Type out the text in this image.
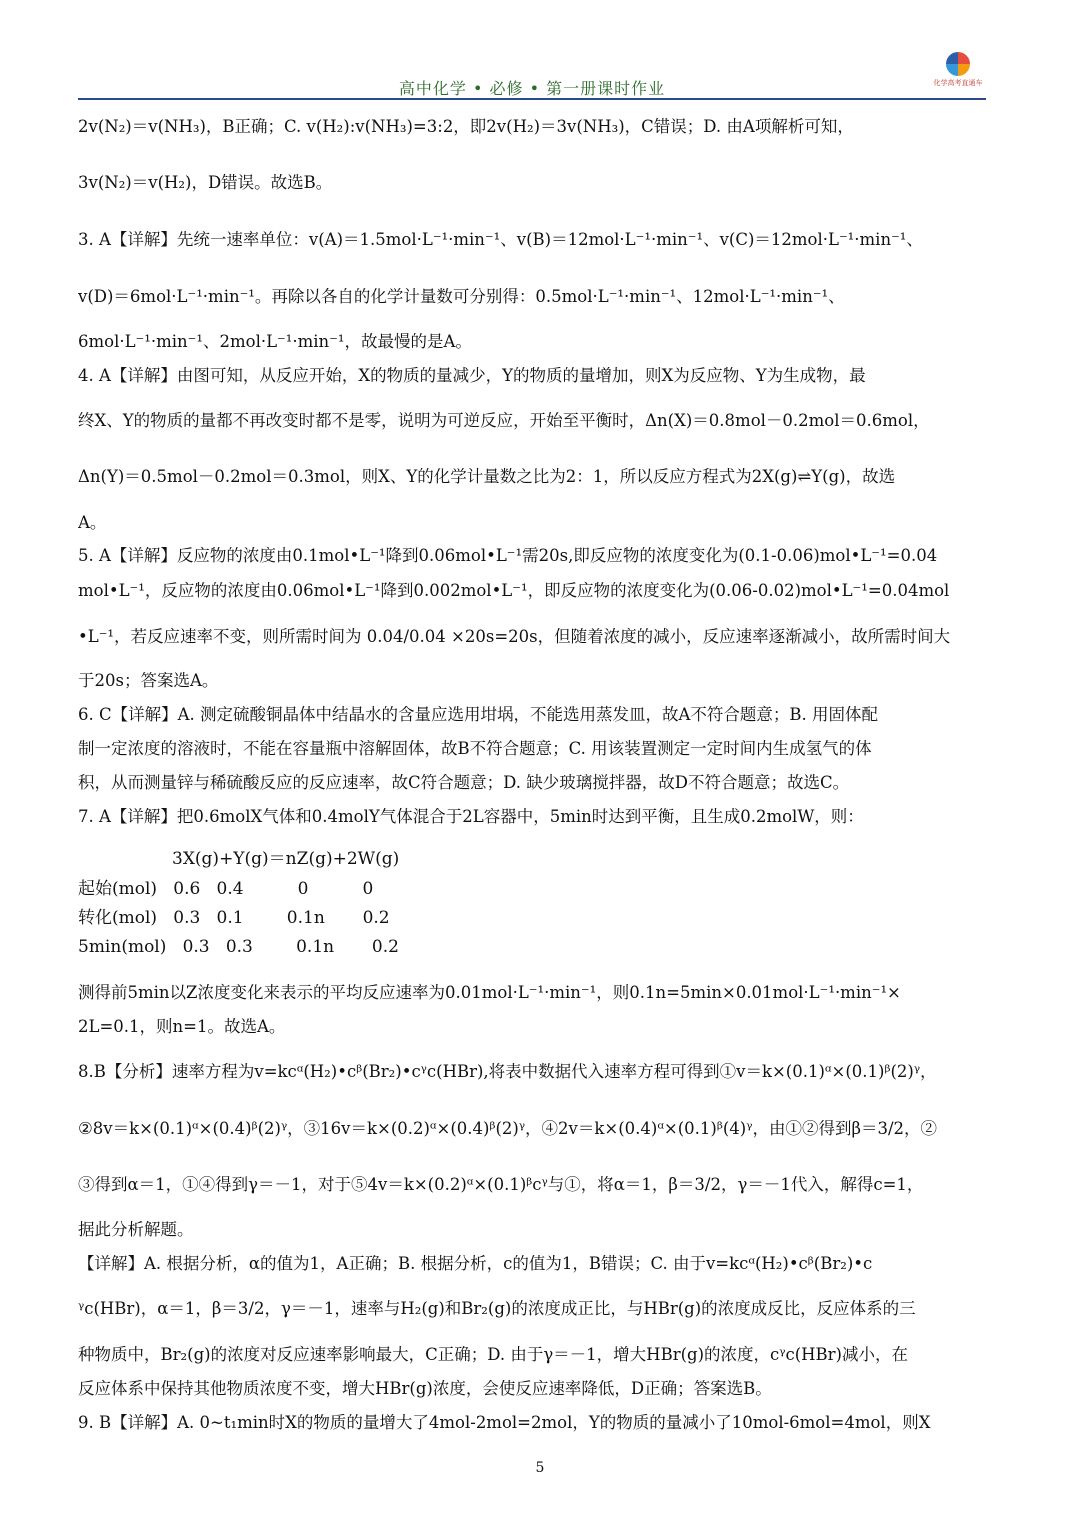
高中化学 • 必修 • 第一册课时作业	化学高考直通车
2v(N₂)＝v(NH₃)，B正确；C. v(H₂):v(NH₃)=3:2，即2v(H₂)＝3v(NH₃)，C错误；D. 由A项解析可知，
3v(N₂)＝v(H₂)，D错误。故选B。
3. A【详解】先统一速率单位：v(A)＝1.5mol·L⁻¹·min⁻¹、v(B)＝12mol·L⁻¹·min⁻¹、v(C)＝12mol·L⁻¹·min⁻¹、
v(D)＝6mol·L⁻¹·min⁻¹。再除以各自的化学计量数可分别得：0.5mol·L⁻¹·min⁻¹、12mol·L⁻¹·min⁻¹、
6mol·L⁻¹·min⁻¹、2mol·L⁻¹·min⁻¹，故最慢的是A。
4. A【详解】由图可知，从反应开始，X的物质的量减少，Y的物质的量增加，则X为反应物、Y为生成物，最
终X、Y的物质的量都不再改变时都不是零，说明为可逆反应，开始至平衡时，Δn(X)＝0.8mol－0.2mol＝0.6mol，
Δn(Y)＝0.5mol－0.2mol＝0.3mol，则X、Y的化学计量数之比为2：1，所以反应方程式为2X(g)⇌Y(g)，故选
A。
5. A【详解】反应物的浓度由0.1mol•L⁻¹降到0.06mol•L⁻¹需20s,即反应物的浓度变化为(0.1-0.06)mol•L⁻¹=0.04
mol•L⁻¹，反应物的浓度由0.06mol•L⁻¹降到0.002mol•L⁻¹，即反应物的浓度变化为(0.06-0.02)mol•L⁻¹=0.04mol
•L⁻¹，若反应速率不变，则所需时间为 0.04/0.04 ×20s=20s，但随着浓度的减小，反应速率逐渐减小，故所需时间大
于20s；答案选A。
6. C【详解】A. 测定硫酸铜晶体中结晶水的含量应选用坩埚，不能选用蒸发皿，故A不符合题意；B. 用固体配
制一定浓度的溶液时，不能在容量瓶中溶解固体，故B不符合题意；C. 用该装置测定一定时间内生成氢气的体
积，从而测量锌与稀硫酸反应的反应速率，故C符合题意；D. 缺少玻璃搅拌器，故D不符合题意；故选C。
7. A【详解】把0.6molX气体和0.4molY气体混合于2L容器中，5min时达到平衡，且生成0.2molW，则：
3X(g)+Y(g)＝nZ(g)+2W(g)
起始(mol)   0.6   0.4          0          0
转化(mol)   0.3   0.1        0.1n       0.2
5min(mol)   0.3   0.3        0.1n       0.2
测得前5min以Z浓度变化来表示的平均反应速率为0.01mol·L⁻¹·min⁻¹，则0.1n=5min×0.01mol·L⁻¹·min⁻¹×
2L=0.1，则n=1。故选A。
8.B【分析】速率方程为v=kcᵅ(H₂)•cᵝ(Br₂)•cᵞc(HBr),将表中数据代入速率方程可得到①v＝k×(0.1)ᵅ×(0.1)ᵝ(2)ᵞ，
②8v＝k×(0.1)ᵅ×(0.4)ᵝ(2)ᵞ，③16v＝k×(0.2)ᵅ×(0.4)ᵝ(2)ᵞ，④2v＝k×(0.4)ᵅ×(0.1)ᵝ(4)ᵞ，由①②得到β＝3/2，②
③得到α＝1，①④得到γ＝－1，对于⑤4v＝k×(0.2)ᵅ×(0.1)ᵝcᵞ与①，将α＝1，β＝3/2，γ＝－1代入，解得c=1，
据此分析解题。
【详解】A. 根据分析，α的值为1，A正确；B. 根据分析，c的值为1，B错误；C. 由于v=kcᵅ(H₂)•cᵝ(Br₂)•c
ᵞc(HBr)，α＝1，β＝3/2，γ＝－1，速率与H₂(g)和Br₂(g)的浓度成正比，与HBr(g)的浓度成反比，反应体系的三
种物质中，Br₂(g)的浓度对反应速率影响最大，C正确；D. 由于γ＝－1，增大HBr(g)的浓度，cᵞc(HBr)减小，在
反应体系中保持其他物质浓度不变，增大HBr(g)浓度，会使反应速率降低，D正确；答案选B。
9. B【详解】A. 0~t₁min时X的物质的量增大了4mol-2mol=2mol，Y的物质的量减小了10mol-6mol=4mol，则X
5
